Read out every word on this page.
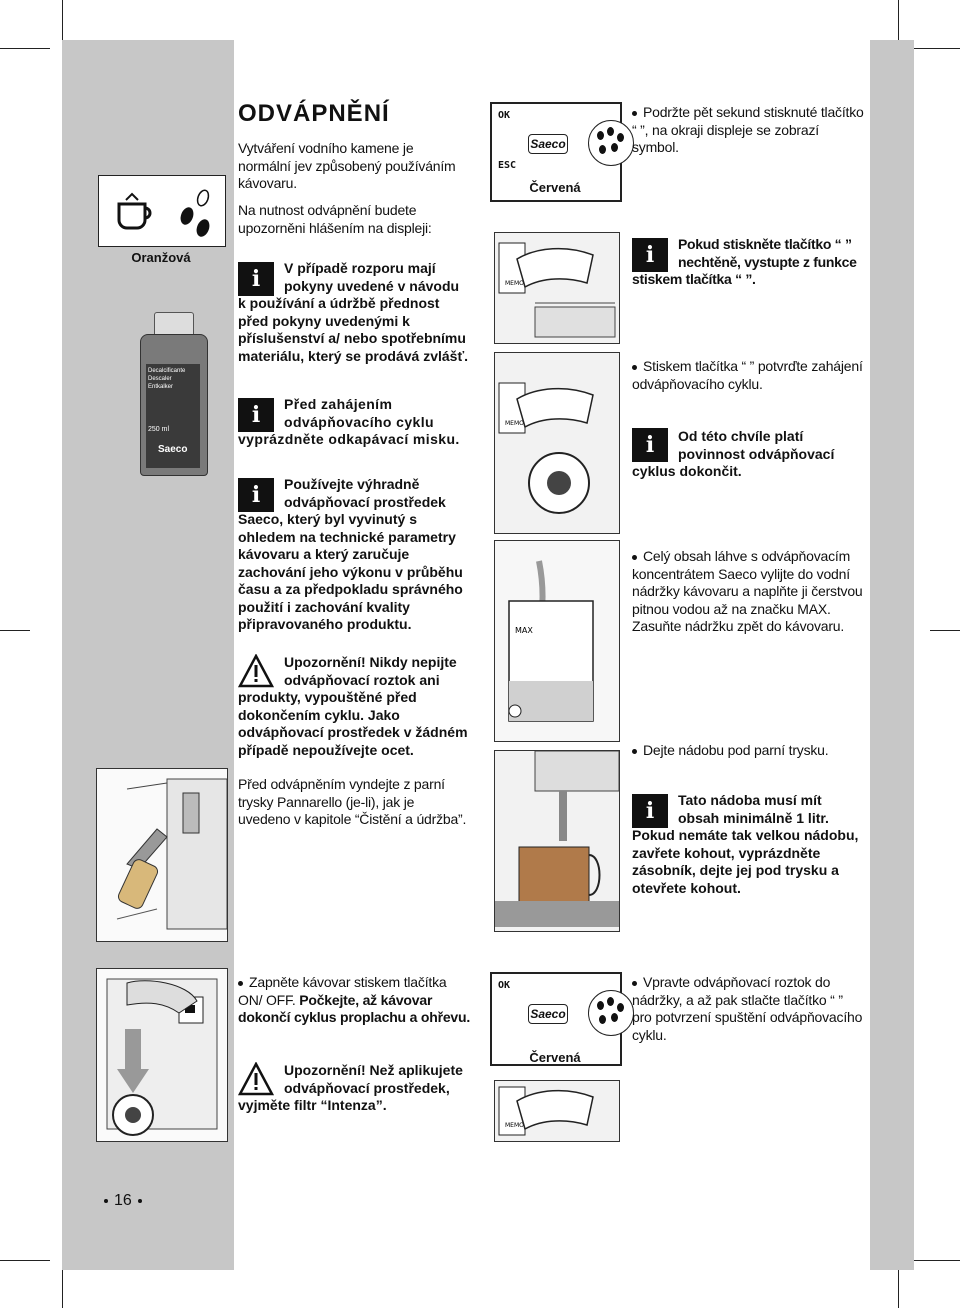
ODVÁPNĚNÍ
Vytváření vodního kamene je normální jev způsobený používáním kávovaru.
Na nutnost odvápnění budete upozorněni hlášením na displeji:
Oranžová
Decalcificante
Descaler
Entkalker
250 ml
Saeco
i	V případě rozporu mají pokyny uvedené v návodu k používání a údržbě přednost před pokyny uvedenými k příslušenství a/ nebo spotřebnímu materiálu, který se prodává zvlášť.
i	Před zahájením odvápňovacího cyklu vyprázdněte odkapávací misku.
i	Používejte výhradně odvápňovací prostředek Saeco, který byl vyvinutý s ohledem na technické parametry kávovaru a který zaručuje zachování jeho výkonu v průběhu času a za předpokladu správného použití i zachování kvality připravovaného produktu.
Upozornění! Nikdy nepijte odvápňovací roztok ani produkty, vypouštěné před dokončením cyklu. Jako odvápňovací prostředek v žádném případě nepoužívejte ocet.
Před odvápněním vyndejte z parní trysky Pannarello (je-li), jak je uvedeno v kapitole “Čistění a údržba”.
Zapněte kávovar stiskem tlačítka ON/ OFF. Počkejte, až kávovar dokončí cyklus proplachu a ohřevu.
Upozornění! Než aplikujete odvápňovací prostředek, vyjměte filtr “Intenza”.
16
OK
ESC
Saeco
Červená
MEMO
MEMO
MAX
OK
Saeco
Červená
MEMO
Podržte pět sekund stisknuté tlačítko “ ”, na okraji displeje se zobrazí symbol.
i	Pokud stiskněte tlačítko “ ” nechtěně, vystupte z funkce stiskem tlačítka “ ”.
Stiskem tlačítka “ ” potvrďte zahájení odvápňovacího cyklu.
i	Od této chvíle platí povinnost odvápňovací cyklus dokončit.
Celý obsah láhve s odvápňovacím koncentrátem Saeco vylijte do vodní nádržky kávovaru a naplňte ji čerstvou pitnou vodou až na značku MAX. Zasuňte nádržku zpět do kávovaru.
Dejte nádobu pod parní trysku.
i	Tato nádoba musí mít obsah minimálně 1 litr. Pokud nemáte tak velkou nádobu, zavřete kohout, vyprázdněte zásobník, dejte jej pod trysku a otevřete kohout.
Vpravte odvápňovací roztok do nádržky, a až pak stlačte tlačítko “ ” pro potvrzení spuštění odvápňovacího cyklu.
